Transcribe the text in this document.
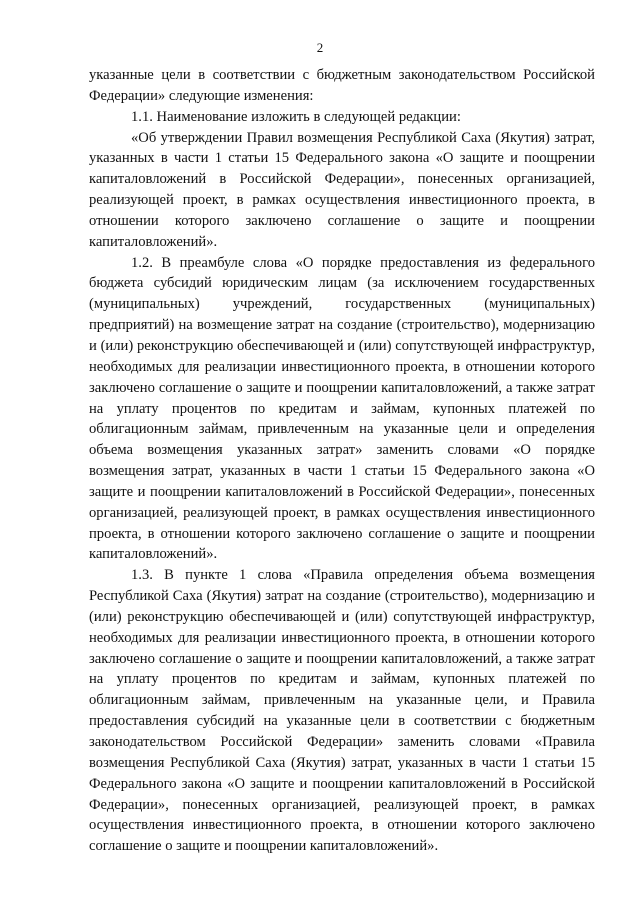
2

указанные цели в соответствии с бюджетным законодательством Российской Федерации» следующие изменения:

1.1. Наименование изложить в следующей редакции:

«Об утверждении Правил возмещения Республикой Саха (Якутия) затрат, указанных в части 1 статьи 15 Федерального закона «О защите и поощрении капиталовложений в Российской Федерации», понесенных организацией, реализующей проект, в рамках осуществления инвестиционного проекта, в отношении которого заключено соглашение о защите и поощрении капиталовложений».

1.2. В преамбуле слова «О порядке предоставления из федерального бюджета субсидий юридическим лицам (за исключением государственных (муниципальных) учреждений, государственных (муниципальных) предприятий) на возмещение затрат на создание (строительство), модернизацию и (или) реконструкцию обеспечивающей и (или) сопутствующей инфраструктур, необходимых для реализации инвестиционного проекта, в отношении которого заключено соглашение о защите и поощрении капиталовложений, а также затрат на уплату процентов по кредитам и займам, купонных платежей по облигационным займам, привлеченным на указанные цели и определения объема возмещения указанных затрат» заменить словами «О порядке возмещения затрат, указанных в части 1 статьи 15 Федерального закона «О защите и поощрении капиталовложений в Российской Федерации», понесенных организацией, реализующей проект, в рамках осуществления инвестиционного проекта, в отношении которого заключено соглашение о защите и поощрении капиталовложений».

1.3. В пункте 1 слова «Правила определения объема возмещения Республикой Саха (Якутия) затрат на создание (строительство), модернизацию и (или) реконструкцию обеспечивающей и (или) сопутствующей инфраструктур, необходимых для реализации инвестиционного проекта, в отношении которого заключено соглашение о защите и поощрении капиталовложений, а также затрат на уплату процентов по кредитам и займам, купонных платежей по облигационным займам, привлеченным на указанные цели, и Правила предоставления субсидий на указанные цели в соответствии с бюджетным законодательством Российской Федерации» заменить словами «Правила возмещения Республикой Саха (Якутия) затрат, указанных в части 1 статьи 15 Федерального закона «О защите и поощрении капиталовложений в Российской Федерации», понесенных организацией, реализующей проект, в рамках осуществления инвестиционного проекта, в отношении которого заключено соглашение о защите и поощрении капиталовложений».
